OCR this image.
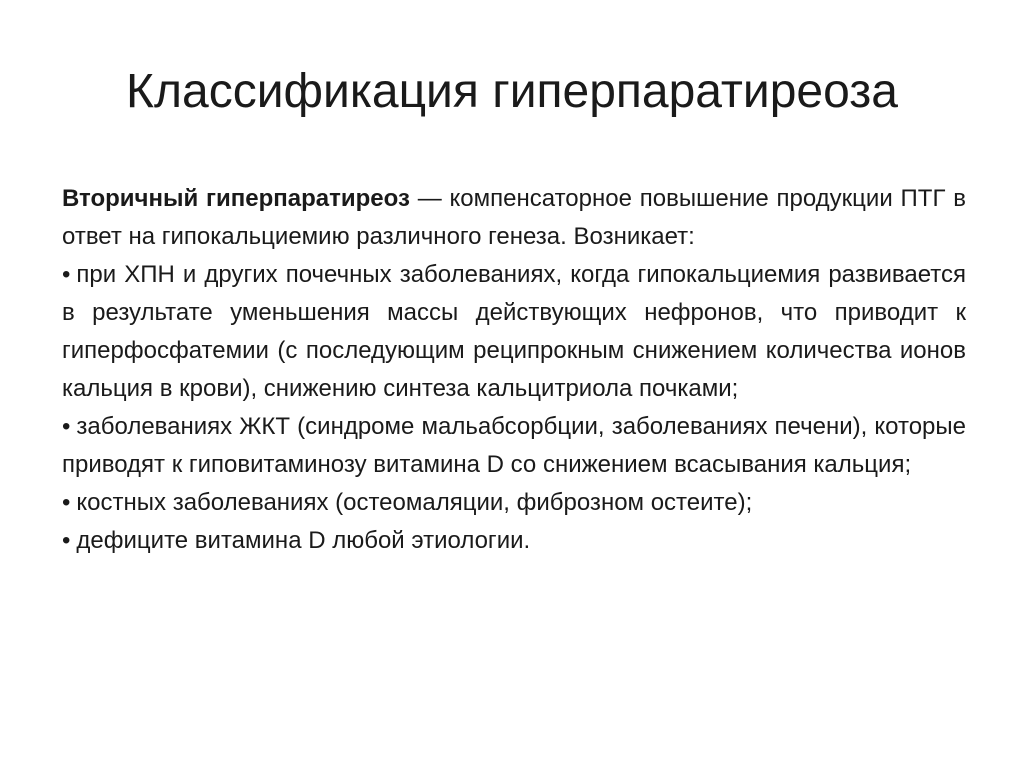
Классификация гиперпаратиреоза

Вторичный гиперпаратиреоз — компенсаторное повышение продукции ПТГ в ответ на гипокальциемию различного генеза. Возникает:

• при ХПН и других почечных заболеваниях, когда гипокальциемия развивается в результате уменьшения массы действующих нефронов, что приводит к гиперфосфатемии (с последующим реципрокным снижением количества ионов кальция в крови), снижению синтеза кальцитриола почками;
• заболеваниях ЖКТ (синдроме мальабсорбции, заболеваниях печени), которые приводят к гиповитаминозу витамина D со снижением всасывания кальция;
• костных заболеваниях (остеомаляции, фиброзном остеите);
• дефиците витамина D любой этиологии.
